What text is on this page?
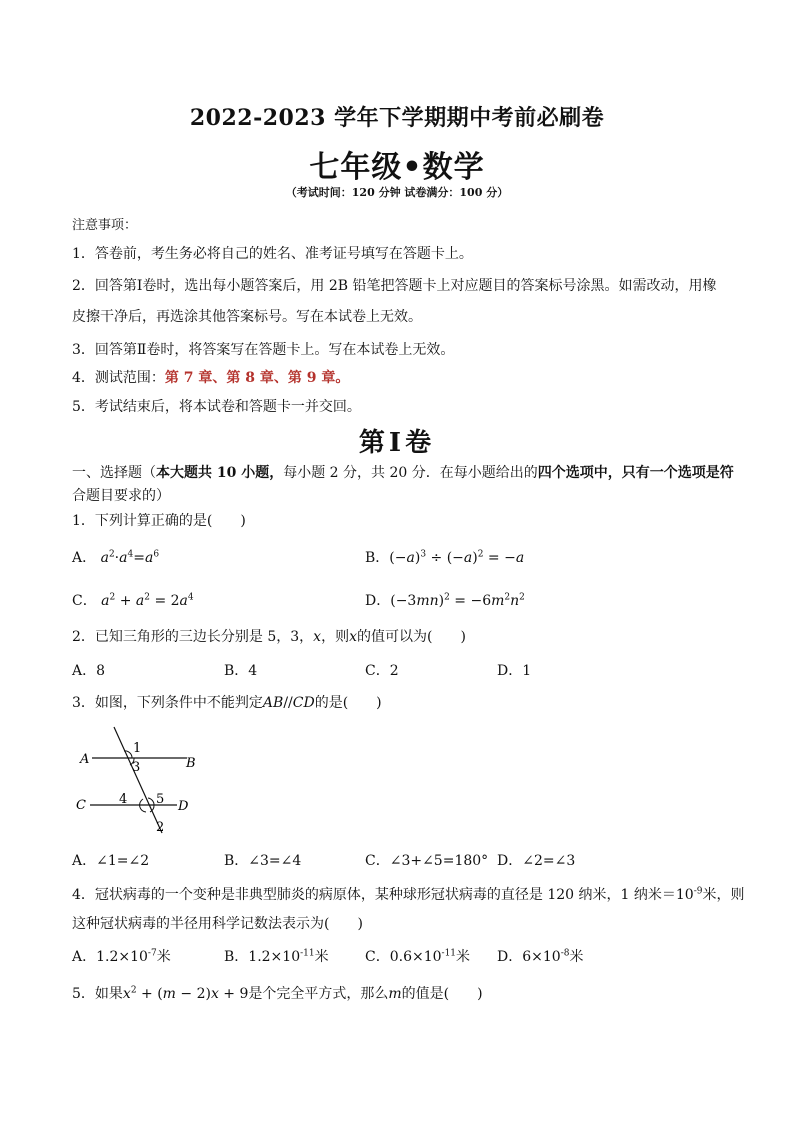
2022-2023 学年下学期期中考前必刷卷
七年级•数学
（考试时间：120 分钟 试卷满分：100 分）
注意事项：
1．答卷前，考生务必将自己的姓名、准考证号填写在答题卡上。
2．回答第Ⅰ卷时，选出每小题答案后，用 2B 铅笔把答题卡上对应题目的答案标号涂黑。如需改动，用橡
皮擦干净后，再选涂其他答案标号。写在本试卷上无效。
3．回答第Ⅱ卷时，将答案写在答题卡上。写在本试卷上无效。
4．测试范围：第 7 章、第 8 章、第 9 章。
5．考试结束后，将本试卷和答题卡一并交回。
第Ⅰ卷
一、选择题（本大题共 10 小题，每小题 2 分，共 20 分．在每小题给出的四个选项中，只有一个选项是符
合题目要求的）
1．下列计算正确的是(　　)
A． $a^2\cdot a^4=a^6$	B．$(-a)^3 \div (-a)^2 = -a$
C． $a^2 + a^2 = 2a^4$	D．$(-3mn)^2 = -6m^2n^2$
2．已知三角形的三边长分别是 5，3，x，则x的值可以为(　　)
A．8	B．4	C．2	D．1
3．如图，下列条件中不能判定AB//CD的是(　　)
A	B
C	D
1
2
3
4 5
A．∠1=∠2	B．∠3=∠4	C．∠3+∠5=180° D．∠2=∠3
4．冠状病毒的一个变种是非典型肺炎的病原体，某种球形冠状病毒的直径是 120 纳米，1 纳米$=10^{-9}$米，则
这种冠状病毒的半径用科学记数法表示为(　　)
A．$1.2\times 10^{-7}$米	B．$1.2\times 10^{-11}$米	C．$0.6\times 10^{-11}$米 D．$6\times 10^{-8}$米
5．如果$x^2 + (m - 2)x + 9$是个完全平方式，那么m的值是(　　)
